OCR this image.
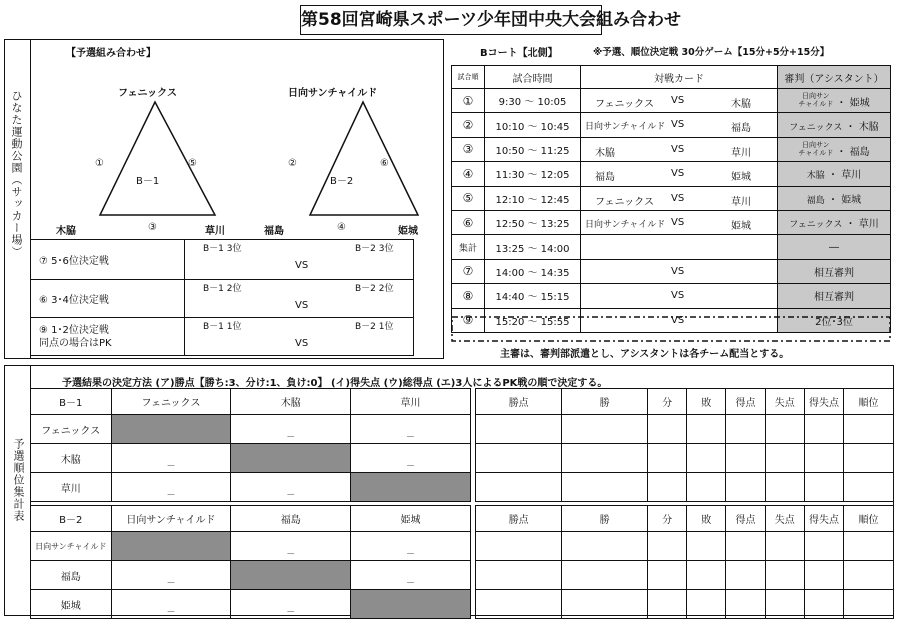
第58回宮崎県スポーツ少年団中央大会組み合わせ
ひなた運動公園（サッカー場）
【予選組み合わせ】
フェニックス
B－1
①	⑤
木脇	③	草川
日向サンチャイルド
B－2
②	⑥
福島	④	姫城
⑦ 5･6位決定戦	B－1 3位 B－2 3位
VS

⑥ 3･4位決定戦	B－1 2位 B－2 2位
VS

⑨ 1･2位決定戦
同点の場合はPK	B－1 1位 B－2 1位
VS
Bコート【北側】	※予選、順位決定戦 30分ゲーム【15分+5分+15分】
試合順	試合時間	対戦カード	審判（アシスタント）
①	9:30 ～ 10:05	フェニックス VS 木脇	日向サン
チャイルド ・ 姫城
②	10:10 ～ 10:45	日向サンチャイルド VS 福島	フェニックス ・ 木脇
③	10:50 ～ 11:25	木脇 VS 草川	日向サン
チャイルド ・ 福島
④	11:30 ～ 12:05	福島 VS 姫城	木脇 ・ 草川
⑤	12:10 ～ 12:45	フェニックス VS 草川	福島 ・ 姫城
⑥	12:50 ～ 13:25	日向サンチャイルド VS 姫城	フェニックス ・ 草川
集計	13:25 ～ 14:00		―
⑦	14:00 ～ 14:35	VS	相互審判
⑧	14:40 ～ 15:15	VS	相互審判
⑨	15:20 ～ 15:55	VS	2位･3位
主審は、審判部派遣とし、アシスタントは各チーム配当とする。
予選順位集計表
予選結果の決定方法 (ア)勝点【勝ち:3、分け:1、負け:0】 (イ)得失点 (ウ)総得点 (エ)3人によるPK戦の順で決定する。
B－1	フェニックス	木脇	草川		勝点	勝	分	敗	得点	失点	得失点	順位
フェニックス		－	－									
木脇	－		－									
草川	－	－										
B－2	日向サンチャイルド	福島	姫城		勝点	勝	分	敗	得点	失点	得失点	順位
日向サンチャイルド		－	－									
福島	－		－									
姫城	－	－										
